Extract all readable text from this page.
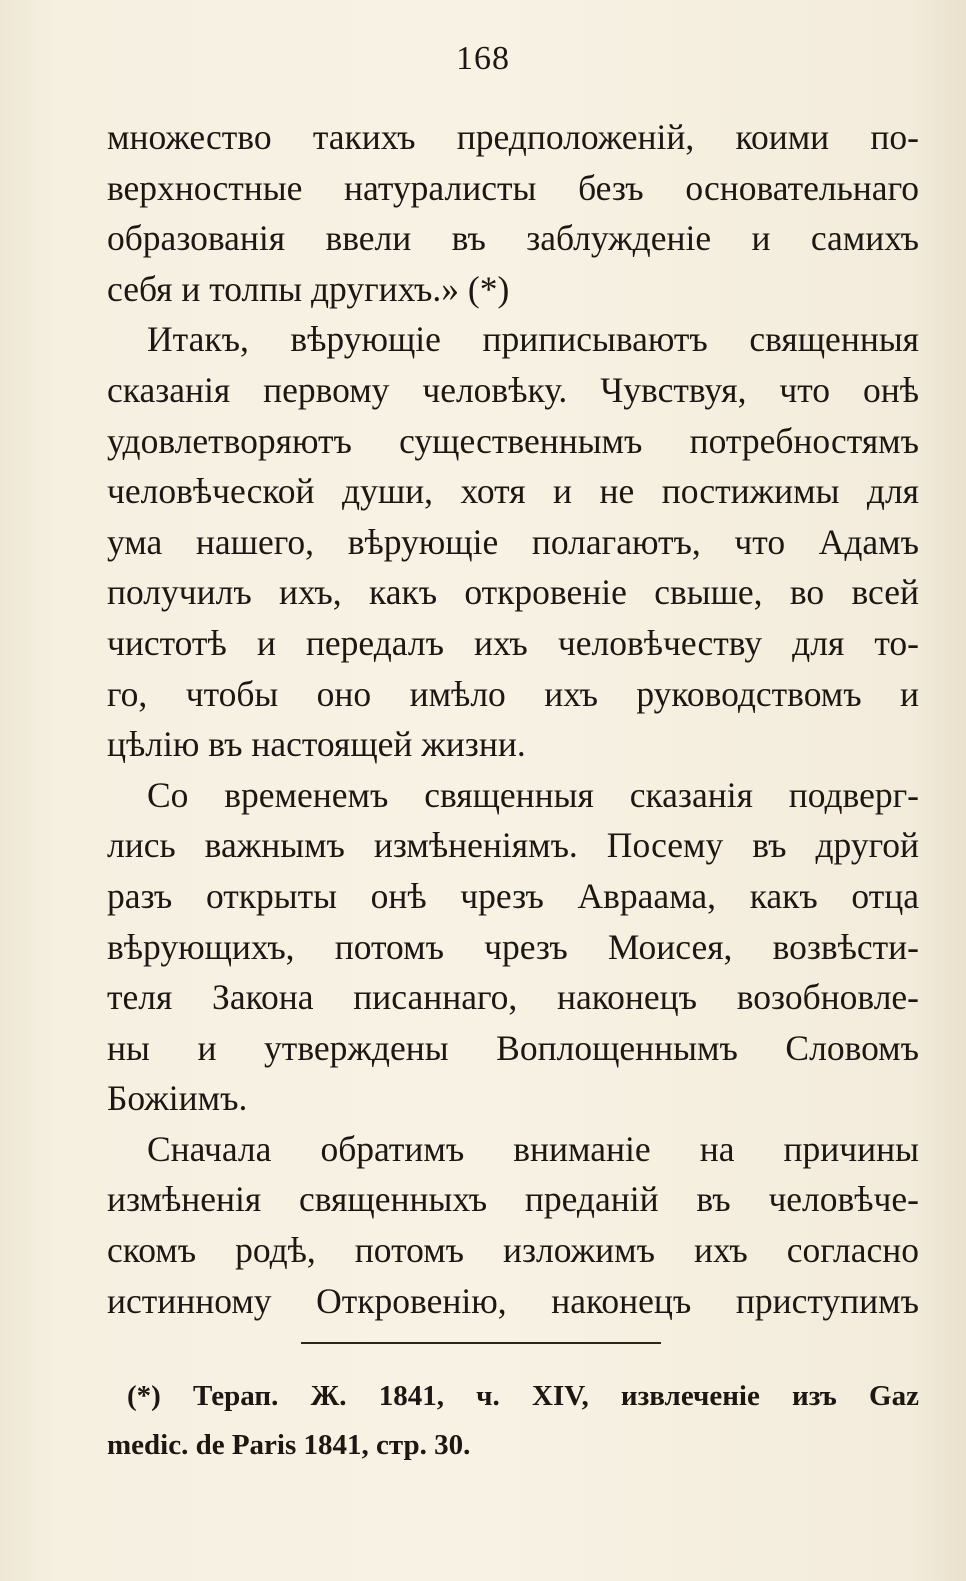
168
множество такихъ предположеній, коими по-
верхностные натуралисты безъ основательнаго
образованія ввели въ заблужденіе и самихъ
себя и толпы другихъ.» (*)
Итакъ, вѣрующіе приписываютъ священныя
сказанія первому человѣку. Чувствуя, что онѣ
удовлетворяютъ существеннымъ потребностямъ
человѣческой души, хотя и не постижимы для
ума нашего, вѣрующіе полагаютъ, что Адамъ
получилъ ихъ, какъ откровеніе свыше, во всей
чистотѣ и передалъ ихъ человѣчеству для то-
го, чтобы оно имѣло ихъ руководствомъ и
цѣлію въ настоящей жизни.
Со временемъ священныя сказанія подверг-
лись важнымъ измѣненіямъ. Посему въ другой
разъ открыты онѣ чрезъ Авраама, какъ отца
вѣрующихъ, потомъ чрезъ Моисея, возвѣсти-
теля Закона писаннаго, наконецъ возобновле-
ны и утверждены Воплощеннымъ Словомъ
Божіимъ.
Сначала обратимъ вниманіе на причины
измѣненія священныхъ преданій въ человѣче-
скомъ родѣ, потомъ изложимъ ихъ согласно
истинному Откровенію, наконецъ приступимъ
(*) Терап. Ж. 1841, ч. XIV, извлеченіе изъ Gaz
medic. de Paris 1841, стр. 30.
